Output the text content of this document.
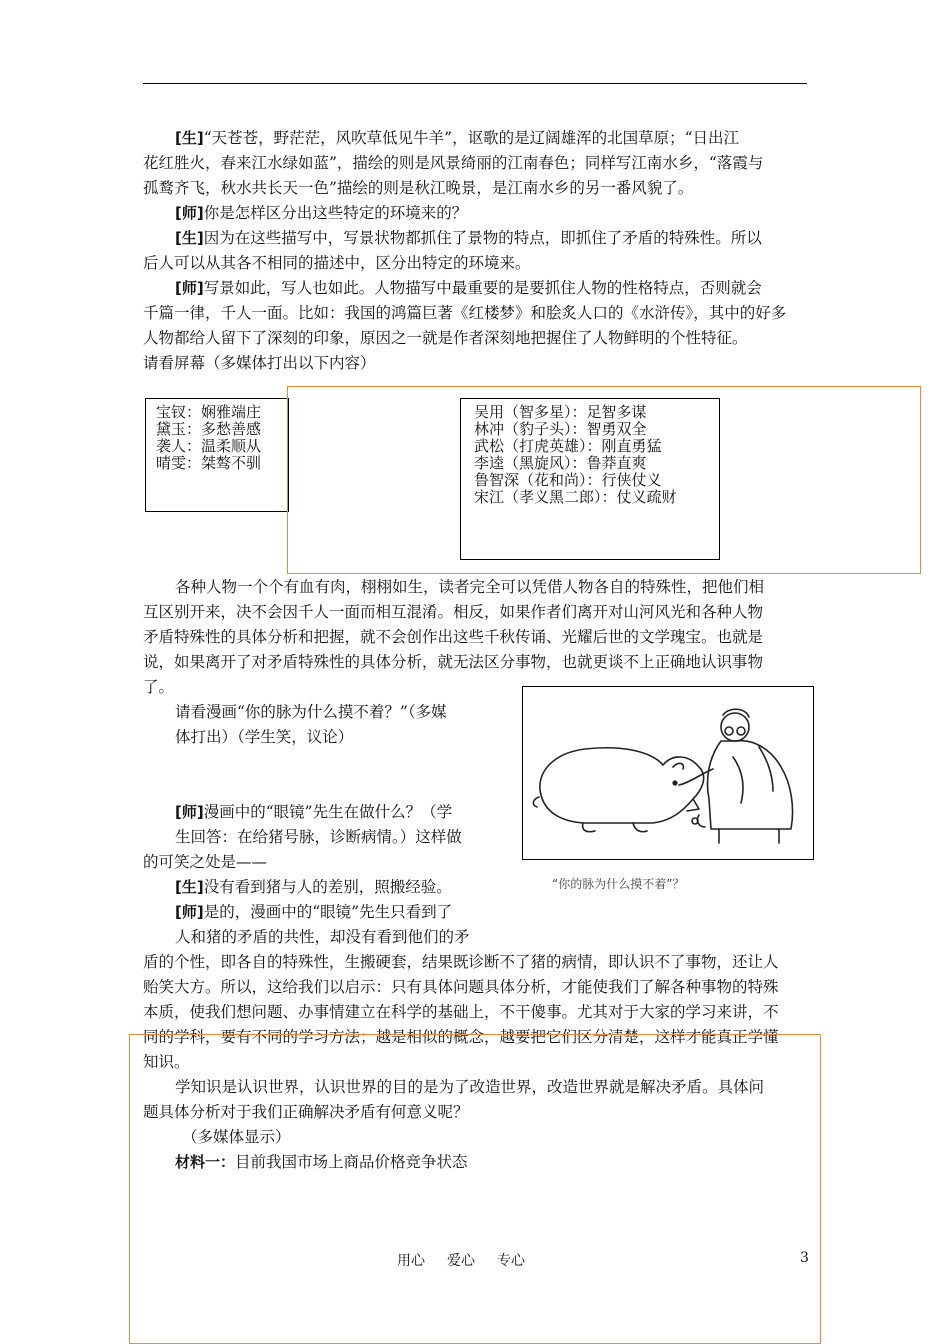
[生]“天苍苍，野茫茫，风吹草低见牛羊”，讴歌的是辽阔雄浑的北国草原；“日出江

花红胜火，春来江水绿如蓝”，描绘的则是风景绮丽的江南春色；同样写江南水乡，“落霞与
孤鹜齐飞，秋水共长天一色”描绘的则是秋江晚景，是江南水乡的另一番风貌了。
[师]你是怎样区分出这些特定的环境来的？
[生]因为在这些描写中，写景状物都抓住了景物的特点，即抓住了矛盾的特殊性。所以
后人可以从其各不相同的描述中，区分出特定的环境来。
[师]写景如此，写人也如此。人物描写中最重要的是要抓住人物的性格特点，否则就会
千篇一律，千人一面。比如：我国的鸿篇巨著《红楼梦》和脍炙人口的《水浒传》，其中的好多
人物都给人留下了深刻的印象，原因之一就是作者深刻地把握住了人物鲜明的个性特征。
请看屏幕（多媒体打出以下内容）
宝钗：娴雅端庄
黛玉：多愁善感
袭人：温柔顺从
晴雯：桀骜不驯
吴用（智多星）：足智多谋
林冲（豹子头）：智勇双全
武松（打虎英雄）：刚直勇猛
李逵（黑旋风）：鲁莽直爽
鲁智深（花和尚）：行侠仗义
宋江（孝义黑二郎）：仗义疏财
各种人物一个个有血有肉，栩栩如生，读者完全可以凭借人物各自的特殊性，把他们相
互区别开来，决不会因千人一面而相互混淆。相反，如果作者们离开对山河风光和各种人物
矛盾特殊性的具体分析和把握，就不会创作出这些千秋传诵、光耀后世的文学瑰宝。也就是
说，如果离开了对矛盾特殊性的具体分析，就无法区分事物，也就更谈不上正确地认识事物
了。
请看漫画“你的脉为什么摸不着？”（多媒
体打出）（学生笑，议论）
[师]漫画中的“眼镜”先生在做什么？（学
生回答：在给猪号脉，诊断病情。）这样做
的可笑之处是——
[生]没有看到猪与人的差别，照搬经验。
[师]是的，漫画中的“眼镜”先生只看到了
人和猪的矛盾的共性，却没有看到他们的矛
盾的个性，即各自的特殊性，生搬硬套，结果既诊断不了猪的病情，即认识不了事物，还让人
贻笑大方。所以，这给我们以启示：只有具体问题具体分析，才能使我们了解各种事物的特殊
本质，使我们想问题、办事情建立在科学的基础上，不干傻事。尤其对于大家的学习来讲，不
同的学科，要有不同的学习方法；越是相似的概念，越要把它们区分清楚，这样才能真正学懂
知识。
“你的脉为什么摸不着”？
学知识是认识世界，认识世界的目的是为了改造世界，改造世界就是解决矛盾。具体问
题具体分析对于我们正确解决矛盾有何意义呢？
（多媒体显示）
材料一：目前我国市场上商品价格竞争状态
用心 爱心 专心	3
